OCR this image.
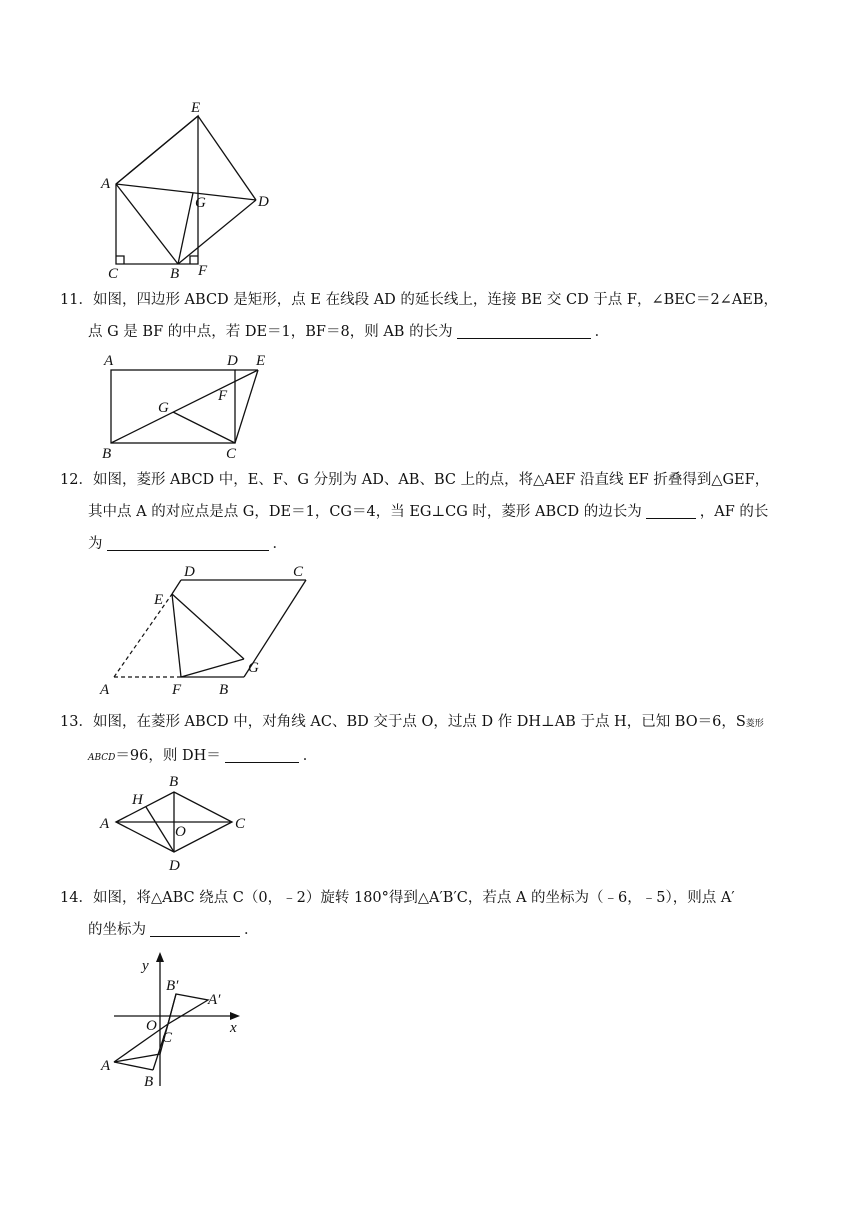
E
A
G	D
C	B F
11．如图，四边形 ABCD 是矩形，点 E 在线段 AD 的延长线上，连接 BE 交 CD 于点 F，∠BEC＝2∠AEB，
点 G 是 BF 的中点，若 DE＝1，BF＝8，则 AB 的长为	．
A	D E
G
F
B	C
12．如图，菱形 ABCD 中，E、F、G 分别为 AD、AB、BC 上的点，将△AEF 沿直线 EF 折叠得到△GEF，
其中点 A 的对应点是点 G，DE＝1，CG＝4，当 EG⊥CG 时，菱形 ABCD 的边长为	，AF 的长
为	．
D	C
E
G
A	F	B
13．如图，在菱形 ABCD 中，对角线 AC、BD 交于点 O，过点 D 作 DH⊥AB 于点 H，已知 BO＝6，S菱形
ABCD＝96，则 DH＝	．
B
H
A	O	C
D
14．如图，将△ABC 绕点 C（0，﹣2）旋转 180°得到△A′B′C，若点 A 的坐标为（﹣6，﹣5），则点 A′
的坐标为	．
y
B′
A′
O	x
C
A
B
